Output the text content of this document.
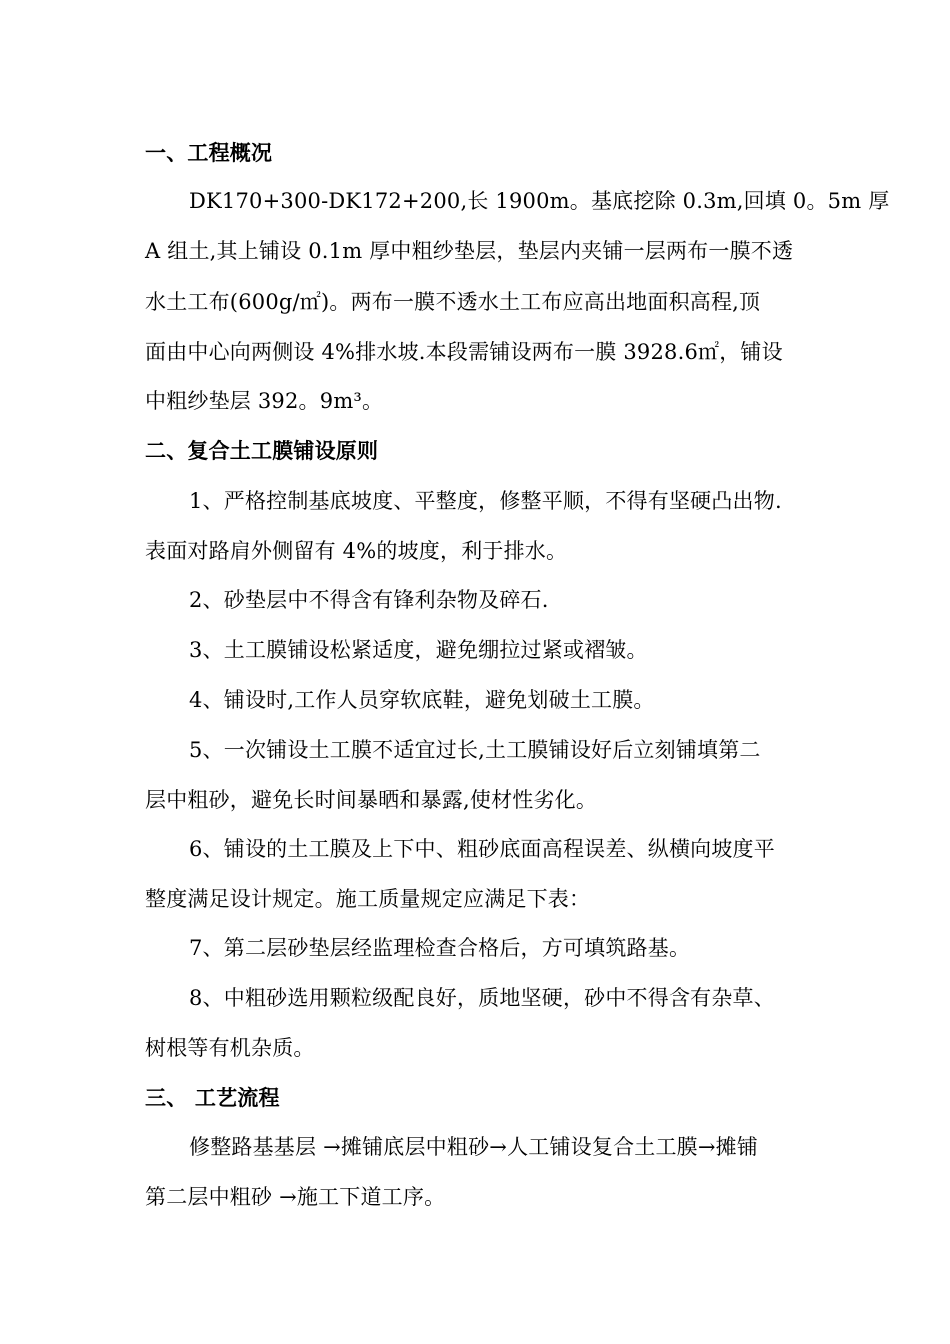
一、工程概况
DK170+300-DK172+200,长 1900m。基底挖除 0.3m,回填 0。5m 厚
A 组土,其上铺设 0.1m 厚中粗纱垫层，垫层内夹铺一层两布一膜不透
水土工布(600g/㎡)。两布一膜不透水土工布应高出地面积高程,顶
面由中心向两侧设 4%排水坡.本段需铺设两布一膜 3928.6㎡，铺设
中粗纱垫层 392。9m³。
二、复合土工膜铺设原则
1、严格控制基底坡度、平整度，修整平顺，不得有坚硬凸出物.
表面对路肩外侧留有 4%的坡度，利于排水。
2、砂垫层中不得含有锋利杂物及碎石.
3、土工膜铺设松紧适度，避免绷拉过紧或褶皱。
4、铺设时,工作人员穿软底鞋，避免划破土工膜。
5、一次铺设土工膜不适宜过长,土工膜铺设好后立刻铺填第二
层中粗砂，避免长时间暴晒和暴露,使材性劣化。
6、铺设的土工膜及上下中、粗砂底面高程误差、纵横向坡度平
整度满足设计规定。施工质量规定应满足下表：
7、第二层砂垫层经监理检查合格后，方可填筑路基。
8、中粗砂选用颗粒级配良好，质地坚硬，砂中不得含有杂草、
树根等有机杂质。
三、 工艺流程
修整路基基层 →摊铺底层中粗砂→人工铺设复合土工膜→摊铺
第二层中粗砂 →施工下道工序。
